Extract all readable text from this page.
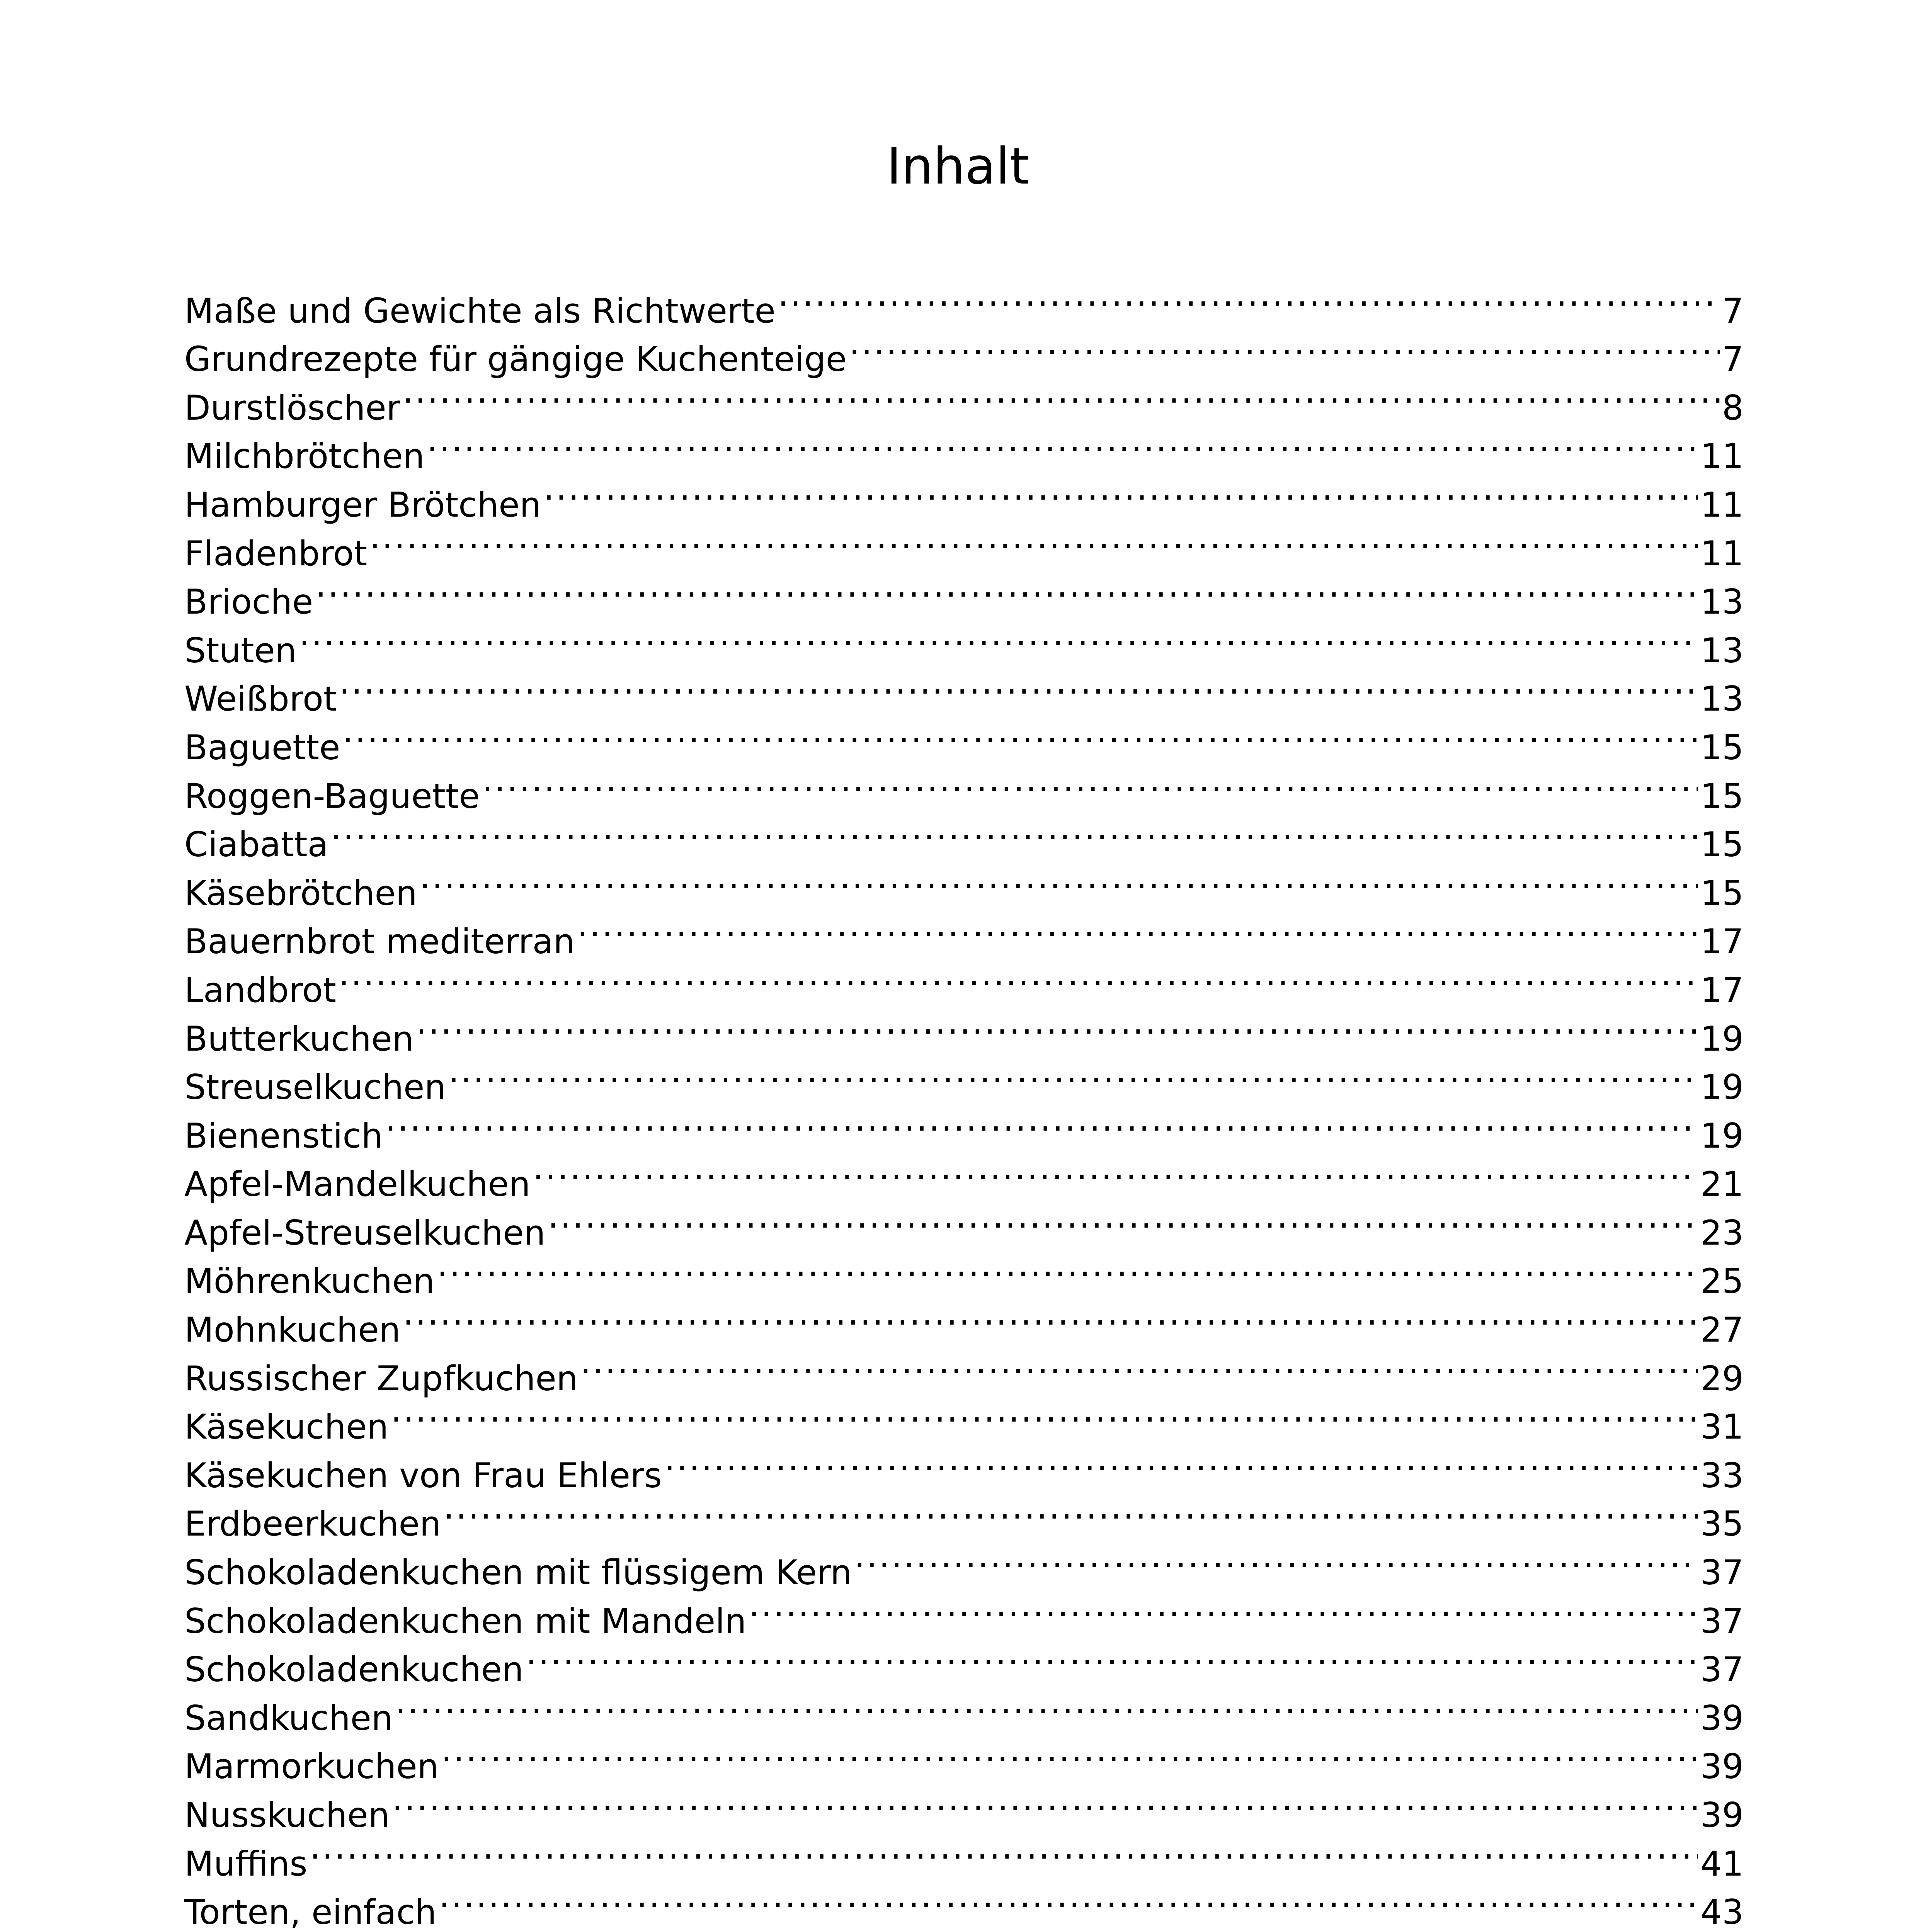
Inhalt
Maße und Gewichte als Richtwerte .....	7
Grundrezepte für gängige Kuchenteige .....	7
Durstlöscher .....	8
Milchbrötchen .....	11
Hamburger Brötchen .....	11
Fladenbrot .....	11
Brioche .....	13
Stuten .....	13
Weißbrot .....	13
Baguette .....	15
Roggen-Baguette .....	15
Ciabatta .....	15
Käsebrötchen .....	15
Bauernbrot mediterran .....	17
Landbrot .....	17
Butterkuchen .....	19
Streuselkuchen .....	19
Bienenstich .....	19
Apfel-Mandelkuchen .....	21
Apfel-Streuselkuchen .....	23
Möhrenkuchen .....	25
Mohnkuchen .....	27
Russischer Zupfkuchen .....	29
Käsekuchen .....	31
Käsekuchen von Frau Ehlers .....	33
Erdbeerkuchen .....	35
Schokoladenkuchen mit flüssigem Kern .....	37
Schokoladenkuchen mit Mandeln .....	37
Schokoladenkuchen .....	37
Sandkuchen .....	39
Marmorkuchen .....	39
Nusskuchen .....	39
Muffins .....	41
Torten, einfach .....	43
.....
